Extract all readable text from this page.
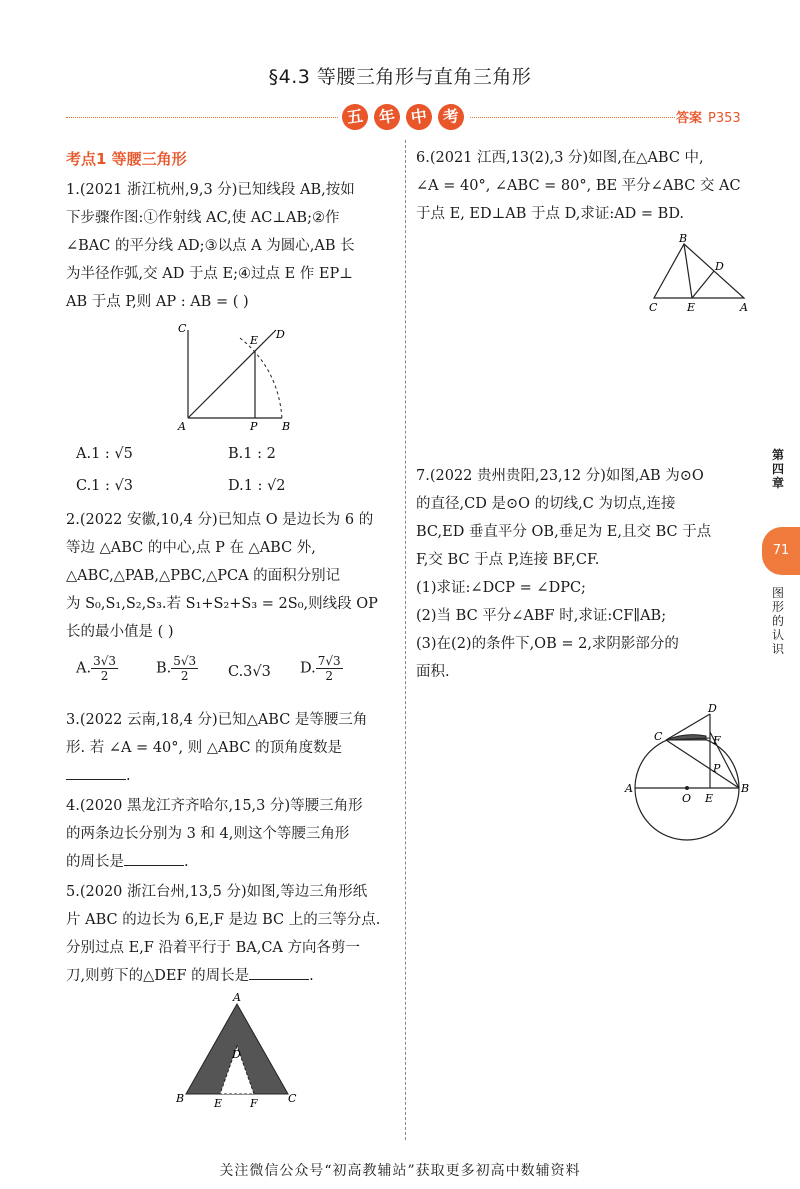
§4.3 等腰三角形与直角三角形
五 年 中 考	答案 P353
考点1 等腰三角形

1.(2021 浙江杭州,9,3 分)已知线段 AB,按如

下步骤作图:①作射线 AC,使 AC⊥AB;②作

∠BAC 的平分线 AD;③以点 A 为圆心,AB 长

为半径作弧,交 AD 于点 E;④过点 E 作 EP⊥

AB 于点 P,则 AP : AB = ( )

C
E D
A	P B
A.1 : √5	B.1 : 2
C.1 : √3	D.1 : √2

2.(2022 安徽,10,4 分)已知点 O 是边长为 6 的

等边 △ABC 的中心,点 P 在 △ABC 外,

△ABC,△PAB,△PBC,△PCA 的面积分别记

为 S₀,S₁,S₂,S₃.若 S₁+S₂+S₃ = 2S₀,则线段 OP

长的最小值是 ( )

A. $\frac{3√3}{2}$	B. $\frac{5√3}{2} C.3√3$ D. $\frac{7√3}{2}$

3.(2022 云南,18,4 分)已知△ABC 是等腰三角

形. 若 ∠A = 40°, 则 △ABC 的顶角度数是

.

4.(2020 黑龙江齐齐哈尔,15,3 分)等腰三角形

的两条边长分别为 3 和 4,则这个等腰三角形

的周长是	.

5.(2020 浙江台州,13,5 分)如图,等边三角形纸

片 ABC 的边长为 6,E,F 是边 BC 上的三等分点.

分别过点 E,F 沿着平行于 BA,CA 方向各剪一

刀,则剪下的△DEF 的周长是	.

A
D
B	E	F	C

6.(2021 江西,13(2),3 分)如图,在△ABC 中,

∠A = 40°, ∠ABC = 80°, BE 平分∠ABC 交 AC

于点 E, ED⊥AB 于点 D,求证:AD = BD.

B
D
C	E	A

7.(2022 贵州贵阳,23,12 分)如图,AB 为⊙O

的直径,CD 是⊙O 的切线,C 为切点,连接

BC,ED 垂直平分 OB,垂足为 E,且交 BC 于点

F,交 BC 于点 P,连接 BF,CF.

(1)求证:∠DCP = ∠DPC;

(2)当 BC 平分∠ABF 时,求证:CF∥AB;

(3)在(2)的条件下,OB = 2,求阴影部分的

面积.

D
C	F
P
A
O E
B
第四章
71
图形的认识
关注微信公众号“初高教辅站”获取更多初高中数辅资料
